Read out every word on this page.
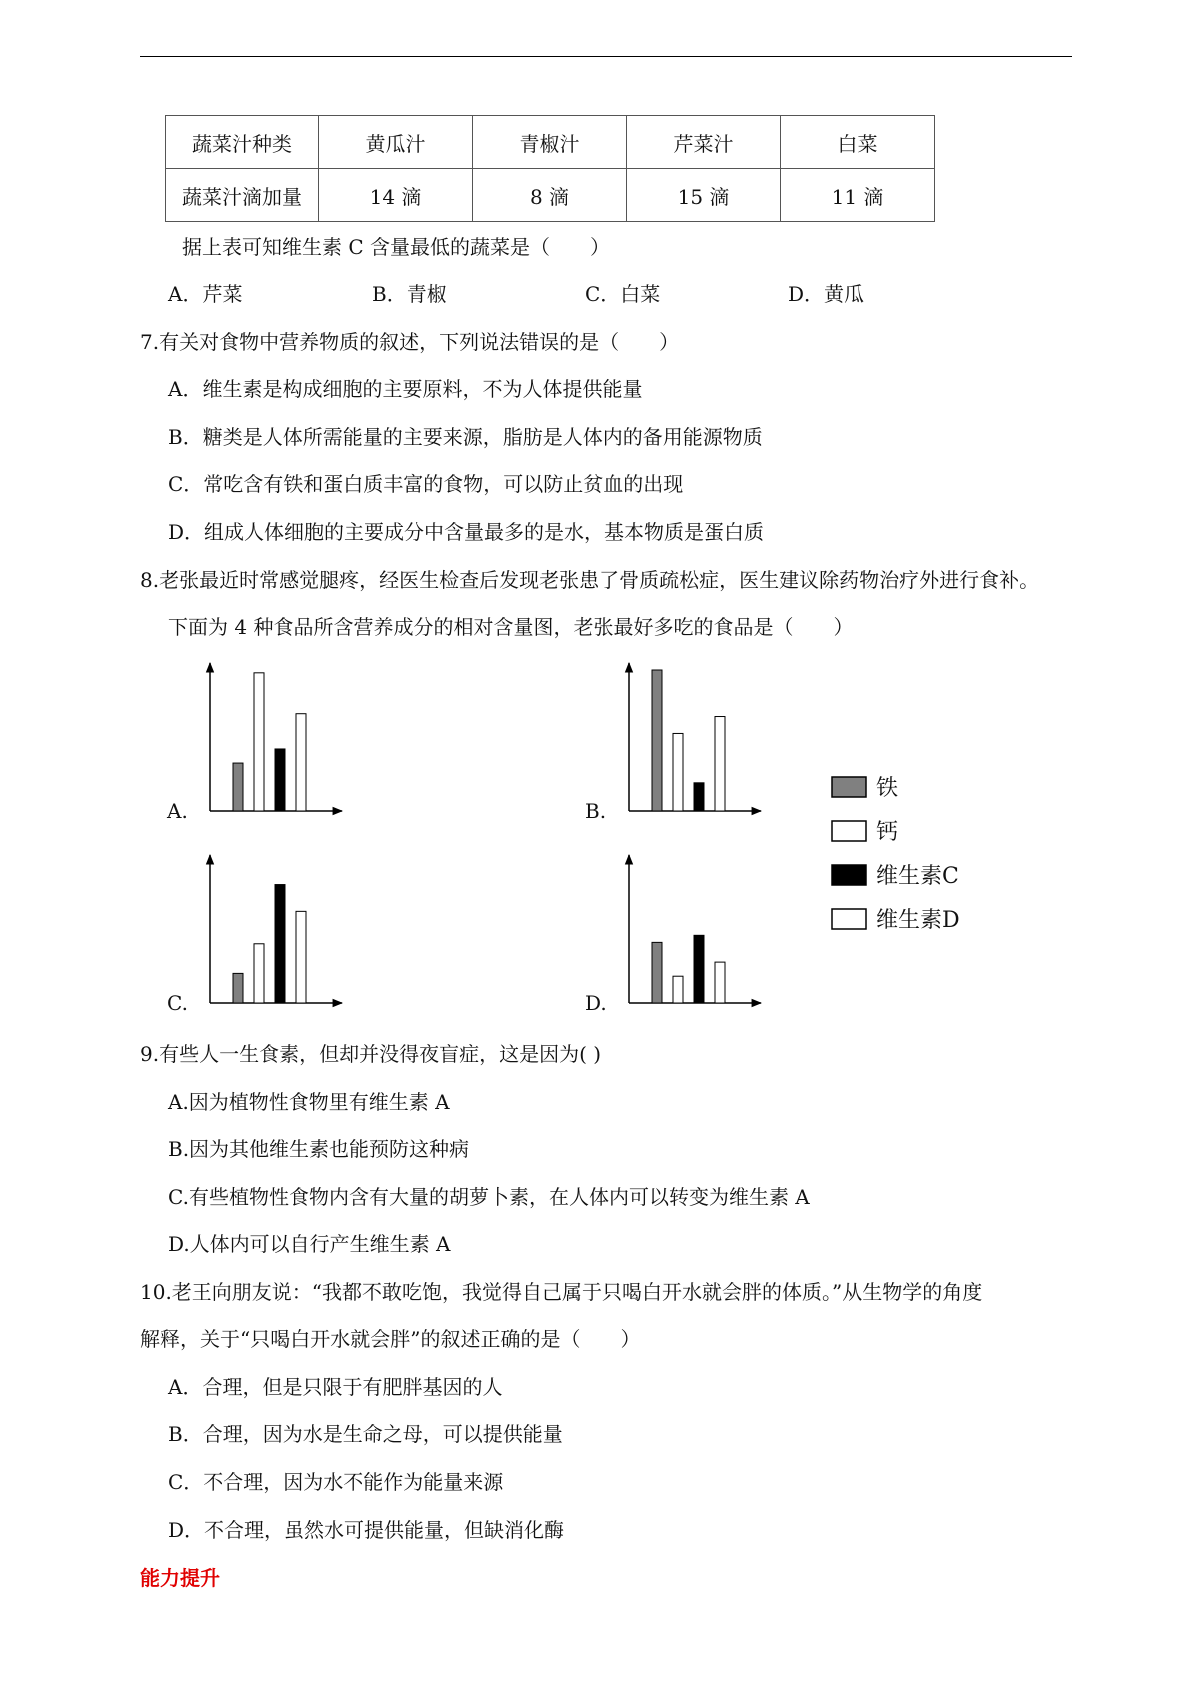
蔬菜汁种类	黄瓜汁	青椒汁	芹菜汁	白菜
蔬菜汁滴加量	14 滴	8 滴	15 滴	11 滴
据上表可知维生素 C 含量最低的蔬菜是（　　）
A．芹菜	B．青椒	C．白菜	D．黄瓜
7.有关对食物中营养物质的叙述，下列说法错误的是（　　）
A．维生素是构成细胞的主要原料，不为人体提供能量
B．糖类是人体所需能量的主要来源，脂肪是人体内的备用能源物质
C．常吃含有铁和蛋白质丰富的食物，可以防止贫血的出现
D．组成人体细胞的主要成分中含量最多的是水，基本物质是蛋白质
8.老张最近时常感觉腿疼，经医生检查后发现老张患了骨质疏松症，医生建议除药物治疗外进行食补。
下面为 4 种食品所含营养成分的相对含量图，老张最好多吃的食品是（　　）
A.	B.
C.	D.
铁
钙
维生素C
维生素D
9.有些人一生食素，但却并没得夜盲症，这是因为( )
A.因为植物性食物里有维生素 A
B.因为其他维生素也能预防这种病
C.有些植物性食物内含有大量的胡萝卜素，在人体内可以转变为维生素 A
D.人体内可以自行产生维生素 A
10.老王向朋友说：“我都不敢吃饱，我觉得自己属于只喝白开水就会胖的体质。”从生物学的角度
解释，关于“只喝白开水就会胖”的叙述正确的是（　　）
A．合理，但是只限于有肥胖基因的人
B．合理，因为水是生命之母，可以提供能量
C．不合理，因为水不能作为能量来源
D．不合理，虽然水可提供能量，但缺消化酶
能力提升
